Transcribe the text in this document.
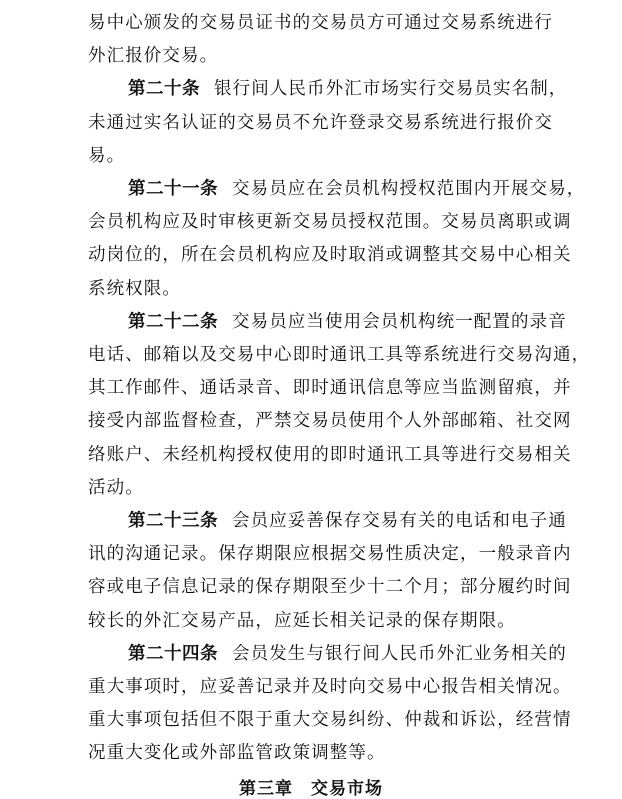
易中心颁发的交易员证书的交易员方可通过交易系统进行
外汇报价交易。
第二十条 银行间人民币外汇市场实行交易员实名制，
未通过实名认证的交易员不允许登录交易系统进行报价交
易。
第二十一条 交易员应在会员机构授权范围内开展交易，
会员机构应及时审核更新交易员授权范围。交易员离职或调
动岗位的，所在会员机构应及时取消或调整其交易中心相关
系统权限。
第二十二条 交易员应当使用会员机构统一配置的录音
电话、邮箱以及交易中心即时通讯工具等系统进行交易沟通，
其工作邮件、通话录音、即时通讯信息等应当监测留痕，并
接受内部监督检查，严禁交易员使用个人外部邮箱、社交网
络账户、未经机构授权使用的即时通讯工具等进行交易相关
活动。
第二十三条 会员应妥善保存交易有关的电话和电子通
讯的沟通记录。保存期限应根据交易性质决定，一般录音内
容或电子信息记录的保存期限至少十二个月；部分履约时间
较长的外汇交易产品，应延长相关记录的保存期限。
第二十四条 会员发生与银行间人民币外汇业务相关的
重大事项时，应妥善记录并及时向交易中心报告相关情况。
重大事项包括但不限于重大交易纠纷、仲裁和诉讼，经营情
况重大变化或外部监管政策调整等。
第三章 交易市场
